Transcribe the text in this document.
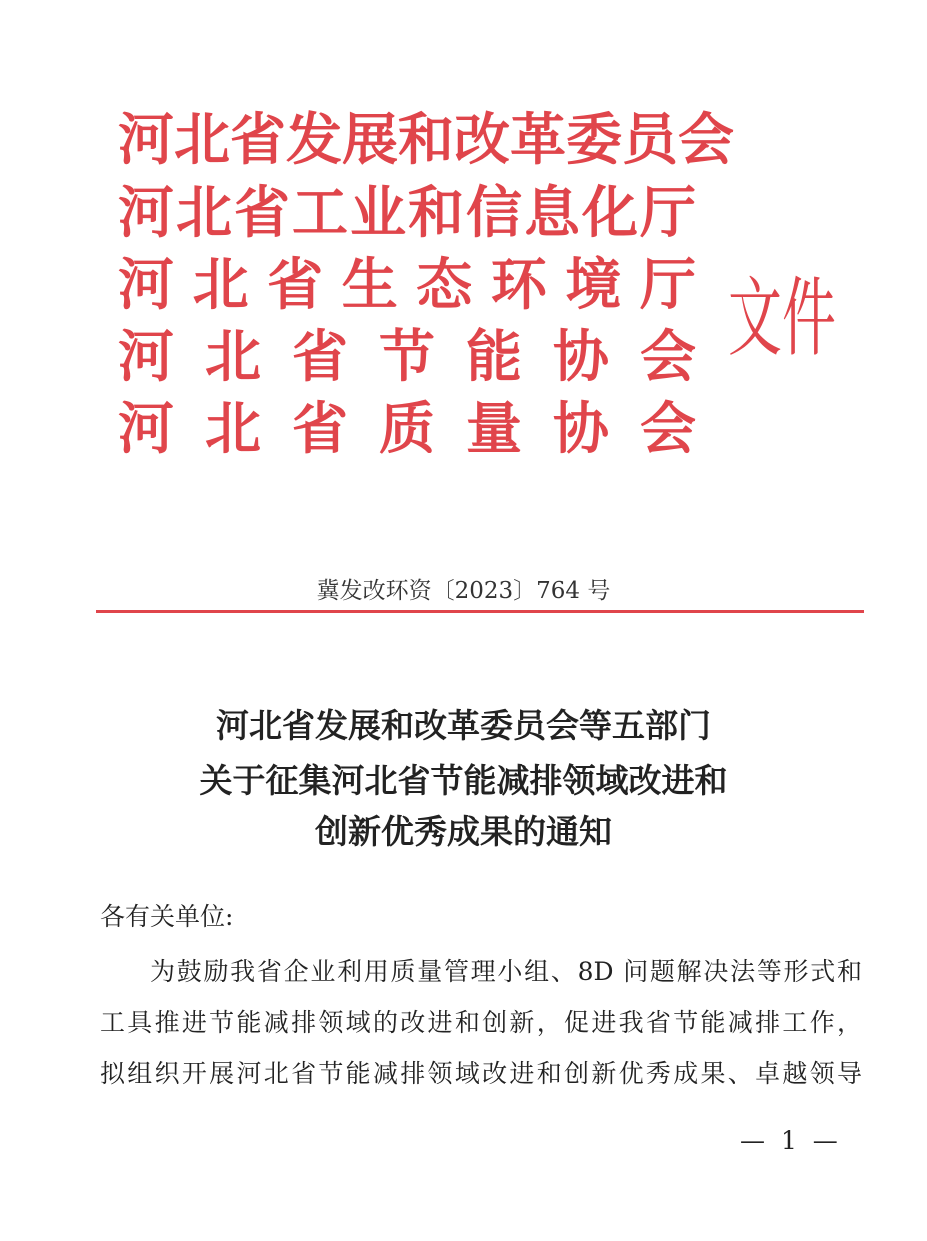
河 北 省 发 展 和 改 革 委 员 会
河 北 省 工 业 和 信 息 化 厅
河 北 省 生 态 环 境 厅
河 北 省 节 能 协 会
河 北 省 质 量 协 会
文件
冀发改环资〔2023〕764 号
河北省发展和改革委员会等五部门
关于征集河北省节能减排领域改进和
创新优秀成果的通知
各有关单位:
为鼓励我省企业利用质量管理小组、8D 问题解决法等形式和
工具推进节能减排领域的改进和创新，促进我省节能减排工作，
拟组织开展河北省节能减排领域改进和创新优秀成果、卓越领导
— 1 —
